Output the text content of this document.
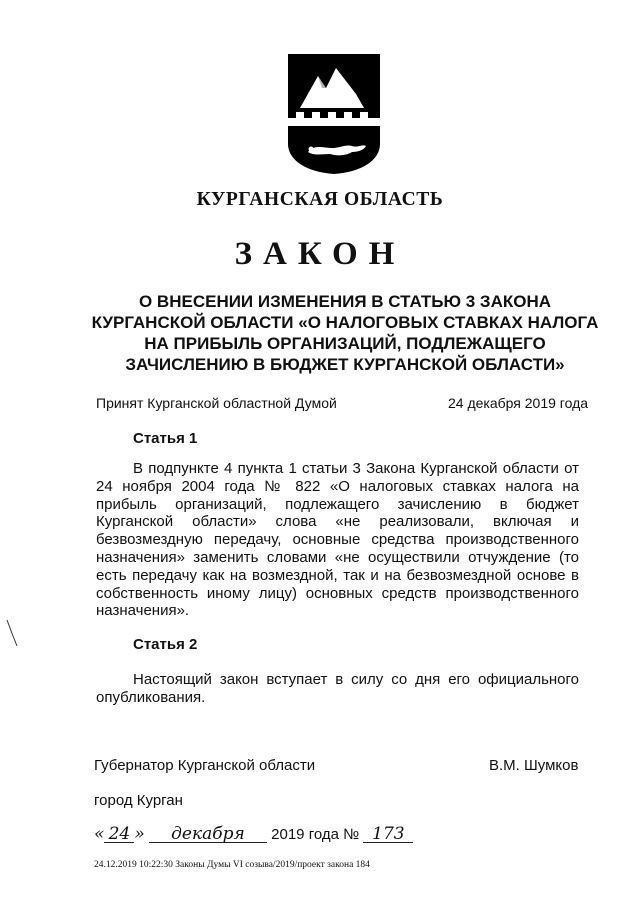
КУРГАНСКАЯ ОБЛАСТЬ
ЗАКОН
О ВНЕСЕНИИ ИЗМЕНЕНИЯ В СТАТЬЮ 3 ЗАКОНА КУРГАНСКОЙ ОБЛАСТИ «О НАЛОГОВЫХ СТАВКАХ НАЛОГА НА ПРИБЫЛЬ ОРГАНИЗАЦИЙ, ПОДЛЕЖАЩЕГО ЗАЧИСЛЕНИЮ В БЮДЖЕТ КУРГАНСКОЙ ОБЛАСТИ»
Принят Курганской областной Думой	24 декабря 2019 года
Статья 1
В подпункте 4 пункта 1 статьи 3 Закона Курганской области от 24 ноября 2004 года № 822 «О налоговых ставках налога на прибыль организаций, подлежащего зачислению в бюджет Курганской области» слова «не реализовали, включая и безвозмездную передачу, основные средства производственного назначения» заменить словами «не осуществили отчуждение (то есть передачу как на возмездной, так и на безвозмездной основе в собственность иному лицу) основных средств производственного назначения».
Статья 2
Настоящий закон вступает в силу со дня его официального опубликования.
Губернатор Курганской области	В.М. Шумков
город Курган
« 24 » декабря 2019 года № 173
24.12.2019 10:22:30 Законы Думы VI созыва/2019/проект закона 184
